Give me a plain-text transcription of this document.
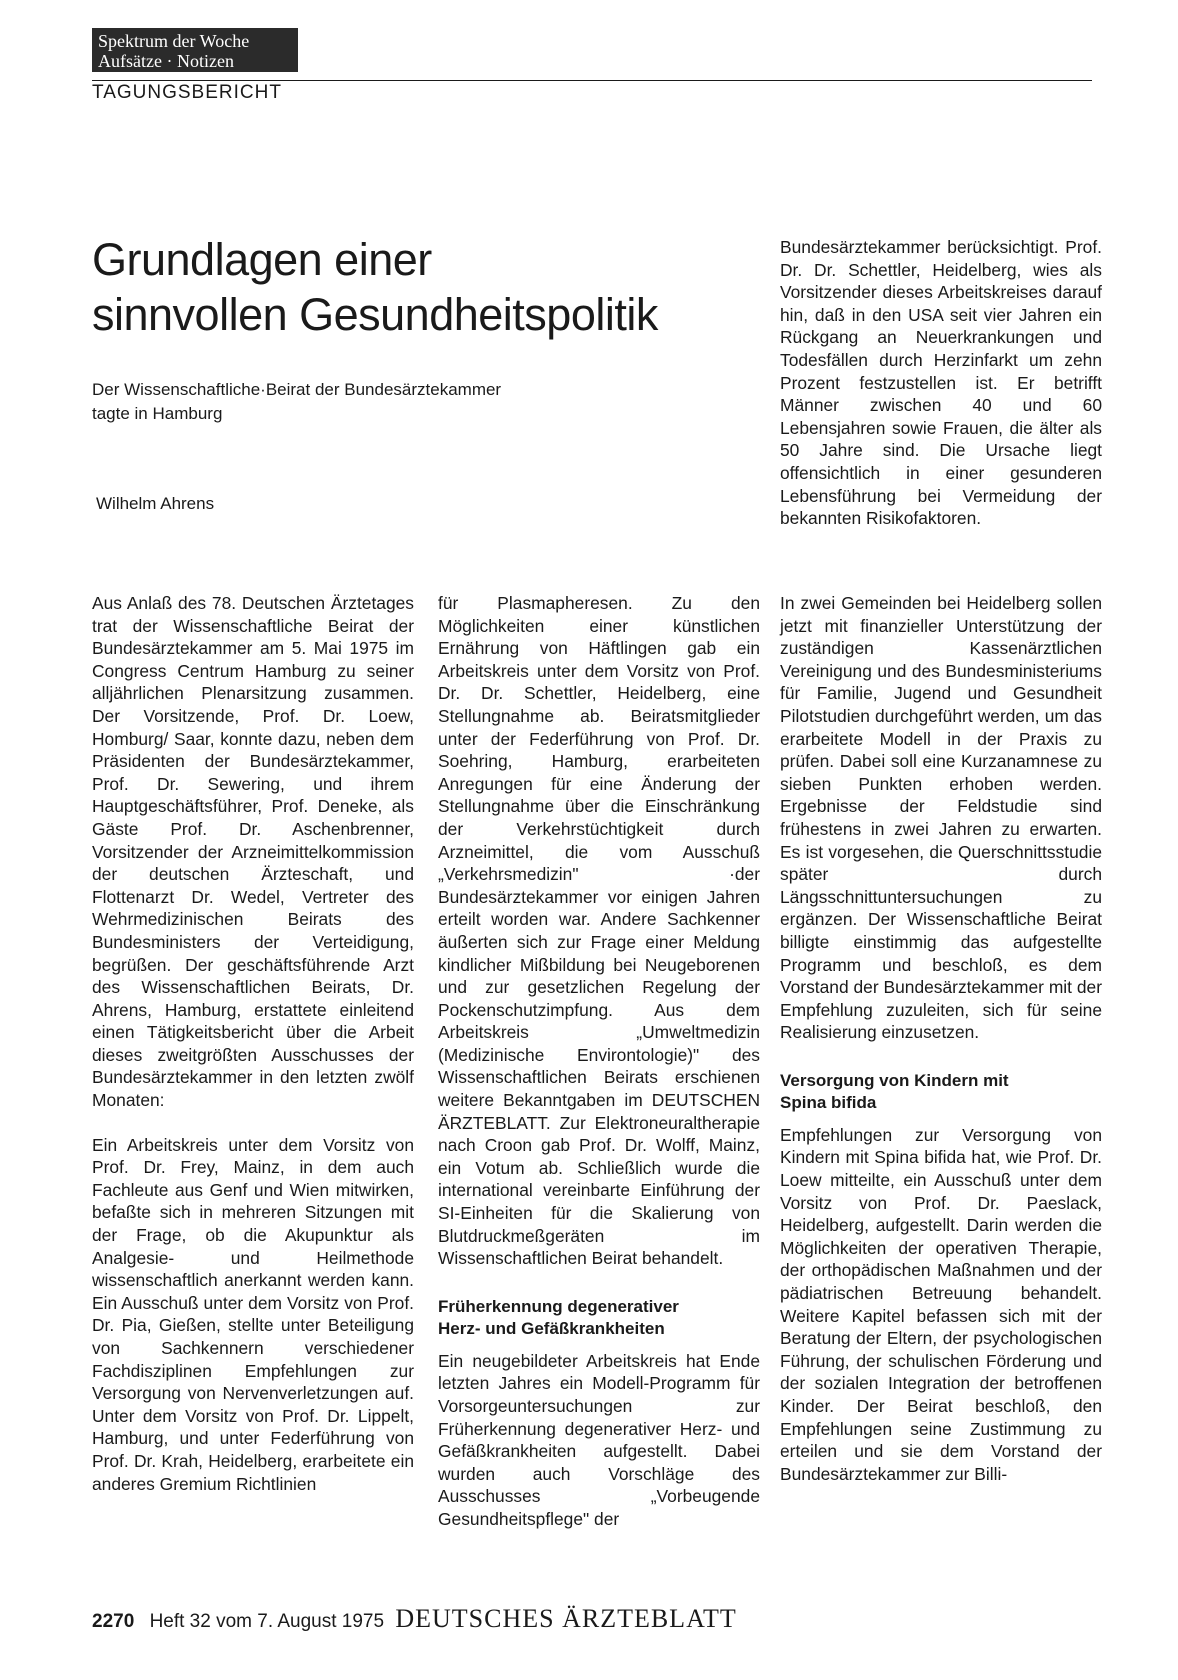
Spektrum der Woche
Aufsätze · Notizen
TAGUNGSBERICHT
Grundlagen einer
sinnvollen Gesundheitspolitik
Der Wissenschaftliche·Beirat der Bundesärztekammer
tagte in Hamburg
Wilhelm Ahrens

Bundesärztekammer berücksichtigt. Prof. Dr. Dr. Schettler, Heidelberg, wies als Vorsitzender dieses Arbeitskreises darauf hin, daß in den USA seit vier Jahren ein Rückgang an Neuerkrankungen und Todesfällen durch Herzinfarkt um zehn Prozent festzustellen ist. Er betrifft Männer zwischen 40 und 60 Lebensjahren sowie Frauen, die älter als 50 Jahre sind. Die Ursache liegt offensichtlich in einer gesunderen Lebensführung bei Vermeidung der bekannten Risikofaktoren.

Aus Anlaß des 78. Deutschen Ärztetages trat der Wissenschaftliche Beirat der Bundesärztekammer am 5. Mai 1975 im Congress Centrum Hamburg zu seiner alljährlichen Plenarsitzung zusammen. Der Vorsitzende, Prof. Dr. Loew, Homburg/ Saar, konnte dazu, neben dem Präsidenten der Bundesärztekammer, Prof. Dr. Sewering, und ihrem Hauptgeschäftsführer, Prof. Deneke, als Gäste Prof. Dr. Aschenbrenner, Vorsitzender der Arzneimittelkommission der deutschen Ärzteschaft, und Flottenarzt Dr. Wedel, Vertreter des Wehrmedizinischen Beirats des Bundesministers der Verteidigung, begrüßen. Der geschäftsführende Arzt des Wissenschaftlichen Beirats, Dr. Ahrens, Hamburg, erstattete einleitend einen Tätigkeitsbericht über die Arbeit dieses zweitgrößten Ausschusses der Bundesärztekammer in den letzten zwölf Monaten:

Ein Arbeitskreis unter dem Vorsitz von Prof. Dr. Frey, Mainz, in dem auch Fachleute aus Genf und Wien mitwirken, befaßte sich in mehreren Sitzungen mit der Frage, ob die Akupunktur als Analgesie- und Heilmethode wissenschaftlich anerkannt werden kann. Ein Ausschuß unter dem Vorsitz von Prof. Dr. Pia, Gießen, stellte unter Beteiligung von Sachkennern verschiedener Fachdisziplinen Empfehlungen zur Versorgung von Nervenverletzungen auf. Unter dem Vorsitz von Prof. Dr. Lippelt, Hamburg, und unter Federführung von Prof. Dr. Krah, Heidelberg, erarbeitete ein anderes Gremium Richtlinien

für Plasmapheresen. Zu den Möglichkeiten einer künstlichen Ernährung von Häftlingen gab ein Arbeitskreis unter dem Vorsitz von Prof. Dr. Dr. Schettler, Heidelberg, eine Stellungnahme ab. Beiratsmitglieder unter der Federführung von Prof. Dr. Soehring, Hamburg, erarbeiteten Anregungen für eine Änderung der Stellungnahme über die Einschränkung der Verkehrstüchtigkeit durch Arzneimittel, die vom Ausschuß „Verkehrsmedizin" ·der Bundesärztekammer vor einigen Jahren erteilt worden war. Andere Sachkenner äußerten sich zur Frage einer Meldung kindlicher Mißbildung bei Neugeborenen und zur gesetzlichen Regelung der Pockenschutzimpfung. Aus dem Arbeitskreis „Umweltmedizin (Medizinische Environtologie)" des Wissenschaftlichen Beirats erschienen weitere Bekanntgaben im DEUTSCHEN ÄRZTEBLATT. Zur Elektroneuraltherapie nach Croon gab Prof. Dr. Wolff, Mainz, ein Votum ab. Schließlich wurde die international vereinbarte Einführung der SI-Einheiten für die Skalierung von Blutdruckmeßgeräten im Wissenschaftlichen Beirat behandelt.

Früherkennung degenerativer Herz- und Gefäßkrankheiten

Ein neugebildeter Arbeitskreis hat Ende letzten Jahres ein Modell-Programm für Vorsorgeuntersuchungen zur Früherkennung degenerativer Herz- und Gefäßkrankheiten aufgestellt. Dabei wurden auch Vorschläge des Ausschusses „Vorbeugende Gesundheitspflege" der

In zwei Gemeinden bei Heidelberg sollen jetzt mit finanzieller Unterstützung der zuständigen Kassenärztlichen Vereinigung und des Bundesministeriums für Familie, Jugend und Gesundheit Pilotstudien durchgeführt werden, um das erarbeitete Modell in der Praxis zu prüfen. Dabei soll eine Kurzanamnese zu sieben Punkten erhoben werden. Ergebnisse der Feldstudie sind frühestens in zwei Jahren zu erwarten. Es ist vorgesehen, die Querschnittsstudie später durch Längsschnittuntersuchungen zu ergänzen. Der Wissenschaftliche Beirat billigte einstimmig das aufgestellte Programm und beschloß, es dem Vorstand der Bundesärztekammer mit der Empfehlung zuzuleiten, sich für seine Realisierung einzusetzen.

Versorgung von Kindern mit Spina bifida

Empfehlungen zur Versorgung von Kindern mit Spina bifida hat, wie Prof. Dr. Loew mitteilte, ein Ausschuß unter dem Vorsitz von Prof. Dr. Paeslack, Heidelberg, aufgestellt. Darin werden die Möglichkeiten der operativen Therapie, der orthopädischen Maßnahmen und der pädiatrischen Betreuung behandelt. Weitere Kapitel befassen sich mit der Beratung der Eltern, der psychologischen Führung, der schulischen Förderung und der sozialen Integration der betroffenen Kinder. Der Beirat beschloß, den Empfehlungen seine Zustimmung zu erteilen und sie dem Vorstand der Bundesärztekammer zur Billi-

2270 Heft 32 vom 7. August 1975 DEUTSCHES ÄRZTEBLATT
